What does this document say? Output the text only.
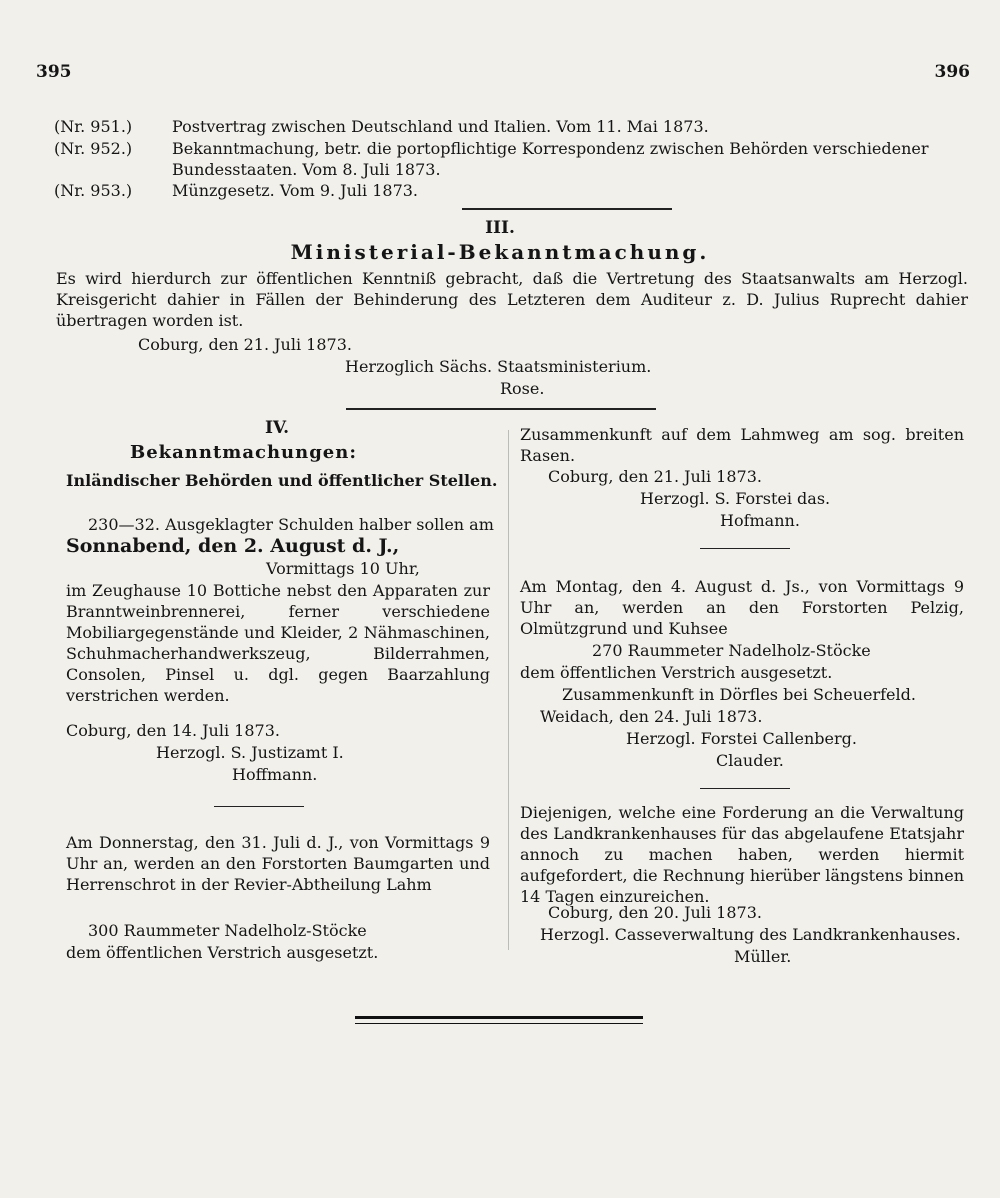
395	396
(Nr. 951.)	Postvertrag zwischen Deutschland und Italien. Vom 11. Mai 1873.
(Nr. 952.)	Bekanntmachung, betr. die portopflichtige Korrespondenz zwischen Behörden verschiedener Bundesstaaten. Vom 8. Juli 1873.
(Nr. 953.)	Münzgesetz. Vom 9. Juli 1873.
III.
Ministerial-Bekanntmachung.
Es wird hierdurch zur öffentlichen Kenntniß gebracht, daß die Vertretung des Staatsanwalts am Herzogl. Kreisgericht dahier in Fällen der Behinderung des Letzteren dem Auditeur z. D. Julius Ruprecht dahier übertragen worden ist.
Coburg, den 21. Juli 1873.
Herzoglich Sächs. Staatsministerium.
Rose.
IV.
Bekanntmachungen:
Inländischer Behörden und öffentlicher Stellen.
230—32. Ausgeklagter Schulden halber sollen am
Sonnabend, den 2. August d. J.,
Vormittags 10 Uhr,
im Zeughause 10 Bottiche nebst den Apparaten zur Branntweinbrennerei, ferner verschiedene Mobiliargegenstände und Kleider, 2 Nähmaschinen, Schuhmacherhandwerkszeug, Bilderrahmen, Consolen, Pinsel u. dgl. gegen Baarzahlung verstrichen werden.
Coburg, den 14. Juli 1873.
Herzogl. S. Justizamt I.
Hoffmann.
Am Donnerstag, den 31. Juli d. J., von Vormittags 9 Uhr an, werden an den Forstorten Baumgarten und Herrenschrot in der Revier-Abtheilung Lahm
300 Raummeter Nadelholz-Stöcke
dem öffentlichen Verstrich ausgesetzt.
Zusammenkunft auf dem Lahmweg am sog. breiten Rasen.
Coburg, den 21. Juli 1873.
Herzogl. S. Forstei das.
Hofmann.
Am Montag, den 4. August d. Js., von Vormittags 9 Uhr an, werden an den Forstorten Pelzig, Olmützgrund und Kuhsee
270 Raummeter Nadelholz-Stöcke
dem öffentlichen Verstrich ausgesetzt.
Zusammenkunft in Dörfles bei Scheuerfeld.
Weidach, den 24. Juli 1873.
Herzogl. Forstei Callenberg.
Clauder.
Diejenigen, welche eine Forderung an die Verwaltung des Landkrankenhauses für das abgelaufene Etatsjahr annoch zu machen haben, werden hiermit aufgefordert, die Rechnung hierüber längstens binnen 14 Tagen einzureichen.
Coburg, den 20. Juli 1873.
Herzogl. Casseverwaltung des Landkrankenhauses.
Müller.
